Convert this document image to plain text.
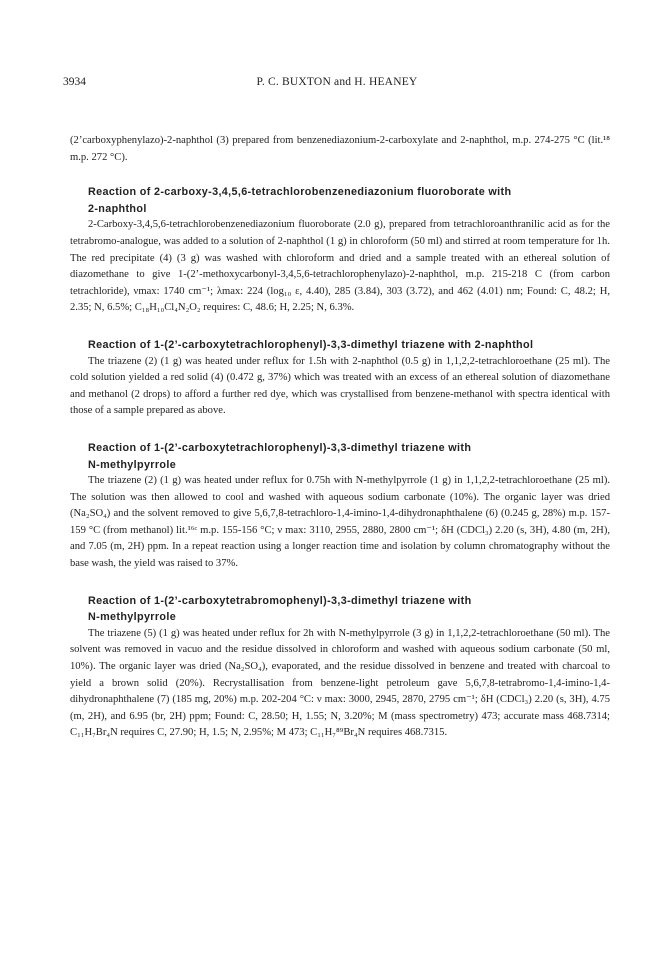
3934	P. C. BUXTON and H. HEANEY

(2’carboxyphenylazo)-2-naphthol (3) prepared from benzenediazonium-2-carboxylate and 2-naphthol, m.p. 274-275 °C (lit.¹⁸ m.p. 272 °C).

Reaction of 2-carboxy-3,4,5,6-tetrachlorobenzenediazonium fluoroborate with
2-naphthol

2-Carboxy-3,4,5,6-tetrachlorobenzenediazonium fluoroborate (2.0 g), prepared from tetrachloroanthranilic acid as for the tetrabromo-analogue, was added to a solution of 2-naphthol (1 g) in chloroform (50 ml) and stirred at room temperature for 1h. The red precipitate (4) (3 g) was washed with chloroform and dried and a sample treated with an ethereal solution of diazomethane to give 1-(2’-methoxycarbonyl-3,4,5,6-tetrachlorophenylazo)-2-naphthol, m.p. 215-218 C (from carbon tetrachloride), νmax: 1740 cm⁻¹; λmax: 224 (log₁₀ ε, 4.40), 285 (3.84), 303 (3.72), and 462 (4.01) nm; Found: C, 48.2; H, 2.35; N, 6.5%; C₁₈H₁₀Cl₄N₂O₂ requires: C, 48.6; H, 2.25; N, 6.3%.

Reaction of 1-(2’-carboxytetrachlorophenyl)-3,3-dimethyl triazene with 2-naphthol

The triazene (2) (1 g) was heated under reflux for 1.5h with 2-naphthol (0.5 g) in 1,1,2,2-tetrachloroethane (25 ml). The cold solution yielded a red solid (4) (0.472 g, 37%) which was treated with an excess of an ethereal solution of diazomethane and methanol (2 drops) to afford a further red dye, which was crystallised from benzene-methanol with spectra identical with those of a sample prepared as above.

Reaction of 1-(2’-carboxytetrachlorophenyl)-3,3-dimethyl triazene with
N-methylpyrrole

The triazene (2) (1 g) was heated under reflux for 0.75h with N-methylpyrrole (1 g) in 1,1,2,2-tetrachloroethane (25 ml). The solution was then allowed to cool and washed with aqueous sodium carbonate (10%). The organic layer was dried (Na₂SO₄) and the solvent removed to give 5,6,7,8-tetrachloro-1,4-imino-1,4-dihydronaphthalene (6) (0.245 g, 28%) m.p. 157-159 °C (from methanol) lit.¹⁶ᶜ m.p. 155-156 °C; ν max: 3110, 2955, 2880, 2800 cm⁻¹; δH (CDCl₃) 2.20 (s, 3H), 4.80 (m, 2H), and 7.05 (m, 2H) ppm. In a repeat reaction using a longer reaction time and isolation by column chromatography without the base wash, the yield was raised to 37%.

Reaction of 1-(2’-carboxytetrabromophenyl)-3,3-dimethyl triazene with
N-methylpyrrole

The triazene (5) (1 g) was heated under reflux for 2h with N-methylpyrrole (3 g) in 1,1,2,2-tetrachloroethane (50 ml). The solvent was removed in vacuo and the residue dissolved in chloroform and washed with aqueous sodium carbonate (50 ml, 10%). The organic layer was dried (Na₂SO₄), evaporated, and the residue dissolved in benzene and treated with charcoal to yield a brown solid (20%). Recrystallisation from benzene-light petroleum gave 5,6,7,8-tetrabromo-1,4-imino-1,4-dihydronaphthalene (7) (185 mg, 20%) m.p. 202-204 °C: ν max: 3000, 2945, 2870, 2795 cm⁻¹; δH (CDCl₃) 2.20 (s, 3H), 4.75 (m, 2H), and 6.95 (br, 2H) ppm; Found: C, 28.50; H, 1.55; N, 3.20%; M (mass spectrometry) 473; accurate mass 468.7314; C₁₁H₇Br₄N requires C, 27.90; H, 1.5; N, 2.95%; M 473; C₁₁H₇⁸⁹Br₄N requires 468.7315.
